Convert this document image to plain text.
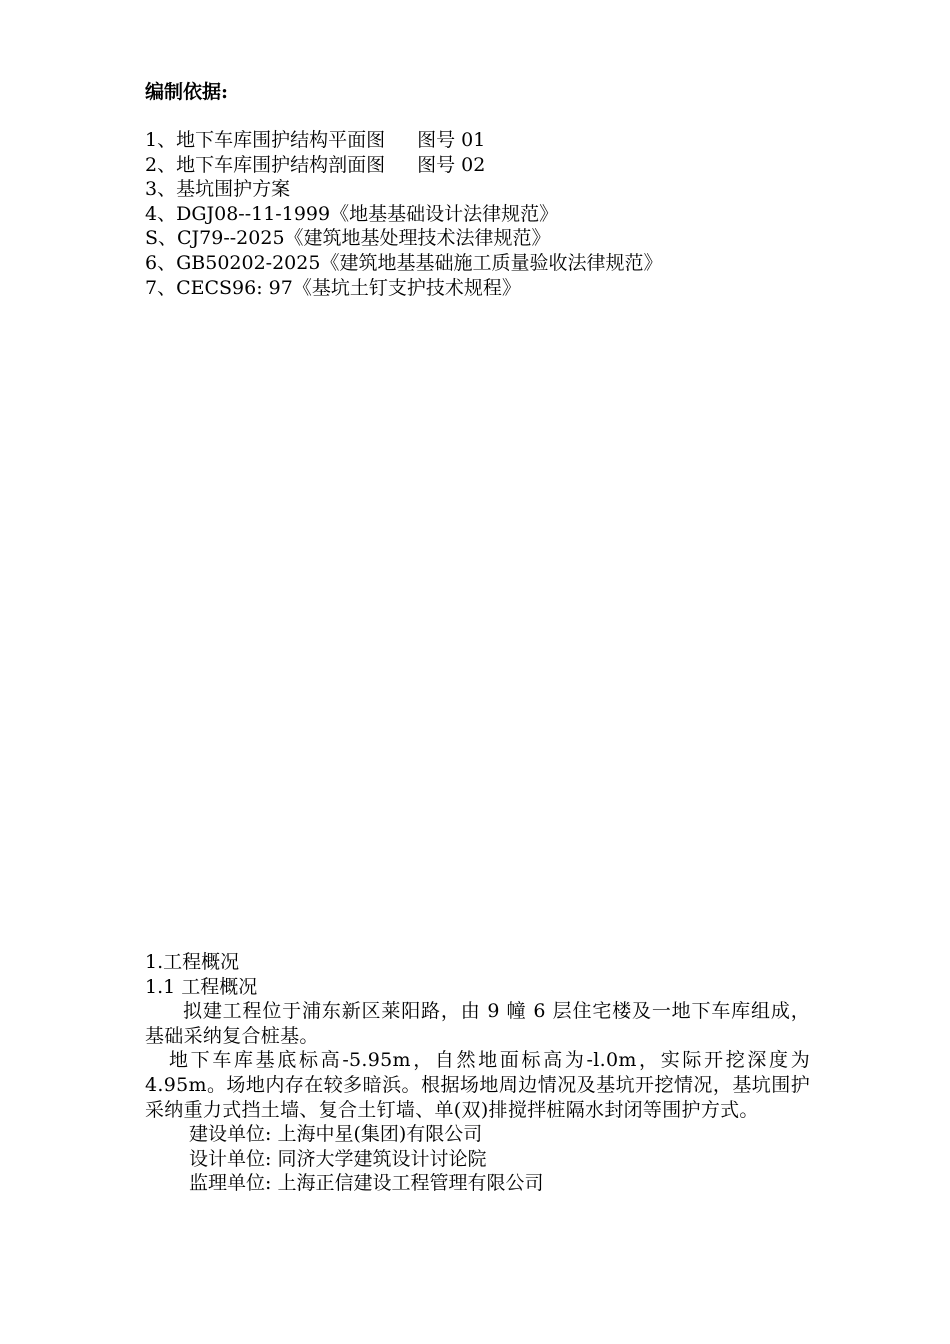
编制依据:
1、地下车库围护结构平面图 图号 01
2、地下车库围护结构剖面图 图号 02
3、基坑围护方案
4、DGJ08--11-1999《地基基础设计法律规范》
S、CJ79--2025《建筑地基处理技术法律规范》
6、GB50202-2025《建筑地基基础施工质量验收法律规范》
7、CECS96: 97《基坑土钉支护技术规程》
1.工程概况
1.1 工程概况
拟建工程位于浦东新区莱阳路，由 9 幢 6 层住宅楼及一地下车库组成，基础采纳复合桩基。
地下车库基底标高-5.95m，自然地面标高为-l.0m，实际开挖深度为 4.95m。场地内存在较多暗浜。根据场地周边情况及基坑开挖情况，基坑围护采纳重力式挡土墙、复合土钉墙、单(双)排搅拌桩隔水封闭等围护方式。
建设单位: 上海中星(集团)有限公司
设计单位: 同济大学建筑设计讨论院
监理单位: 上海正信建设工程管理有限公司
